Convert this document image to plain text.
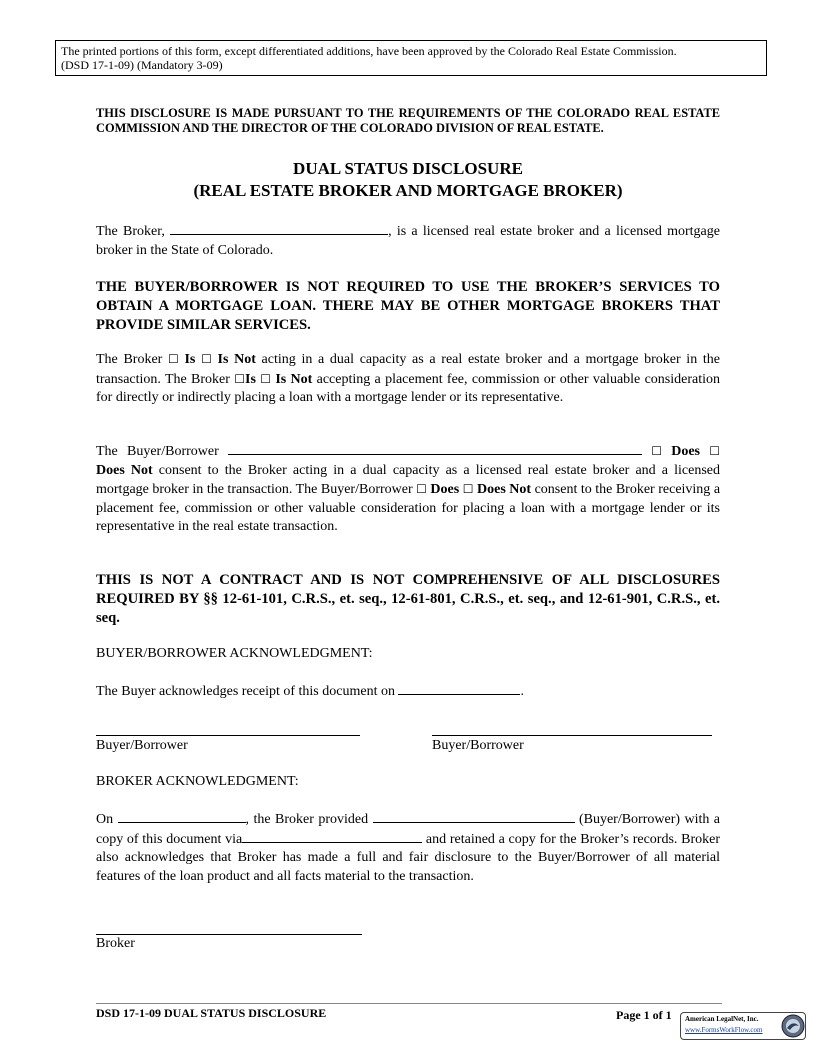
The printed portions of this form, except differentiated additions, have been approved by the Colorado Real Estate Commission.
(DSD 17-1-09) (Mandatory 3-09)
THIS DISCLOSURE IS MADE PURSUANT TO THE REQUIREMENTS OF THE COLORADO REAL ESTATE COMMISSION AND THE DIRECTOR OF THE COLORADO DIVISION OF REAL ESTATE.
DUAL STATUS DISCLOSURE
(REAL ESTATE BROKER AND MORTGAGE BROKER)
The Broker,	, is a licensed real estate broker and a licensed mortgage broker in the State of Colorado.
THE BUYER/BORROWER IS NOT REQUIRED TO USE THE BROKER’S SERVICES TO OBTAIN A MORTGAGE LOAN. THERE MAY BE OTHER MORTGAGE BROKERS THAT PROVIDE SIMILAR SERVICES.
The Broker ☐ Is ☐ Is Not acting in a dual capacity as a real estate broker and a mortgage broker in the transaction. The Broker ☐Is ☐ Is Not accepting a placement fee, commission or other valuable consideration for directly or indirectly placing a loan with a mortgage lender or its representative.
The Buyer/Borrower	☐ Does ☐ Does Not consent to the Broker acting in a dual capacity as a licensed real estate broker and a licensed mortgage broker in the transaction. The Buyer/Borrower ☐ Does ☐ Does Not consent to the Broker receiving a placement fee, commission or other valuable consideration for placing a loan with a mortgage lender or its representative in the real estate transaction.
THIS IS NOT A CONTRACT AND IS NOT COMPREHENSIVE OF ALL DISCLOSURES REQUIRED BY §§ 12-61-101, C.R.S., et. seq., 12-61-801, C.R.S., et. seq., and 12-61-901, C.R.S., et. seq.
BUYER/BORROWER ACKNOWLEDGMENT:
The Buyer acknowledges receipt of this document on	.
Buyer/Borrower	Buyer/Borrower
BROKER ACKNOWLEDGMENT:
On	, the Broker provided	(Buyer/Borrower) with a copy of this document via	and retained a copy for the Broker’s records. Broker also acknowledges that Broker has made a full and fair disclosure to the Buyer/Borrower of all material features of the loan product and all facts material to the transaction.
Broker
DSD 17-1-09 DUAL STATUS DISCLOSURE	Page 1 of 1 American LegalNet, Inc.
www.FormsWorkFlow.com
